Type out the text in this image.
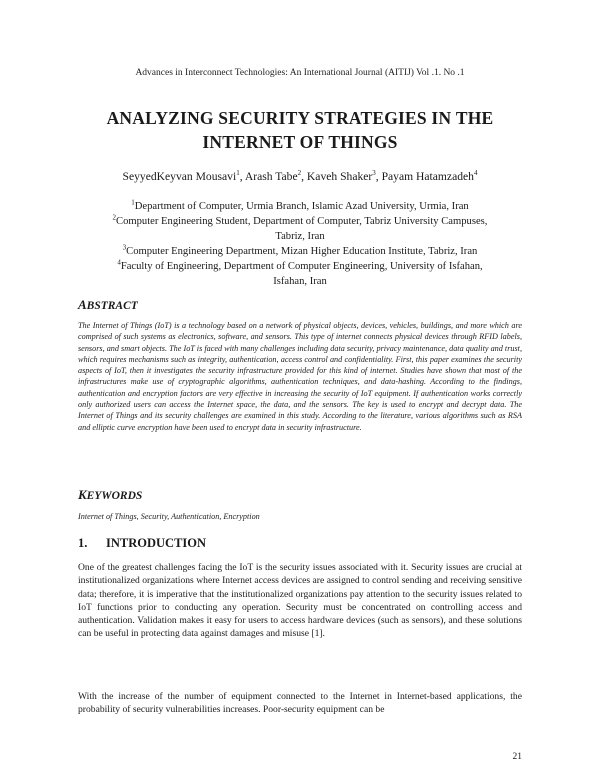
Advances in Interconnect Technologies: An International Journal (AITIJ) Vol .1. No .1
ANALYZING SECURITY STRATEGIES IN THE
INTERNET OF THINGS
SeyyedKeyvan Mousavi$^1$, Arash Tabe$^2$, Kaveh Shaker$^3$, Payam Hatamzadeh$^4$
$^1$Department of Computer, Urmia Branch, Islamic Azad University, Urmia, Iran
$^2$Computer Engineering Student, Department of Computer, Tabriz University Campuses,
Tabriz, Iran
$^3$Computer Engineering Department, Mizan Higher Education Institute, Tabriz, Iran
$^4$Faculty of Engineering, Department of Computer Engineering, University of Isfahan,
Isfahan, Iran
ABSTRACT
The Internet of Things (IoT) is a technology based on a network of physical objects, devices, vehicles, buildings, and more which are comprised of such systems as electronics, software, and sensors. This type of internet connects physical devices through RFID labels, sensors, and smart objects. The IoT is faced with many challenges including data security, privacy maintenance, data quality and trust, which requires mechanisms such as integrity, authentication, access control and confidentiality. First, this paper examines the security aspects of IoT, then it investigates the security infrastructure provided for this kind of internet. Studies have shown that most of the infrastructures make use of cryptographic algorithms, authentication techniques, and data-hashing. According to the findings, authentication and encryption factors are very effective in increasing the security of IoT equipment. If authentication works correctly only authorized users can access the Internet space, the data, and the sensors. The key is used to encrypt and decrypt data. The Internet of Things and its security challenges are examined in this study. According to the literature, various algorithms such as RSA and elliptic curve encryption have been used to encrypt data in security infrastructure.
KEYWORDS
Internet of Things, Security, Authentication, Encryption
1. INTRODUCTION
One of the greatest challenges facing the IoT is the security issues associated with it. Security issues are crucial at institutionalized organizations where Internet access devices are assigned to control sending and receiving sensitive data; therefore, it is imperative that the institutionalized organizations pay attention to the security issues related to IoT functions prior to conducting any operation. Security must be concentrated on controlling access and authentication. Validation makes it easy for users to access hardware devices (such as sensors), and these solutions can be useful in protecting data against damages and misuse [1].
With the increase of the number of equipment connected to the Internet in Internet-based applications, the probability of security vulnerabilities increases. Poor-security equipment can be
21
